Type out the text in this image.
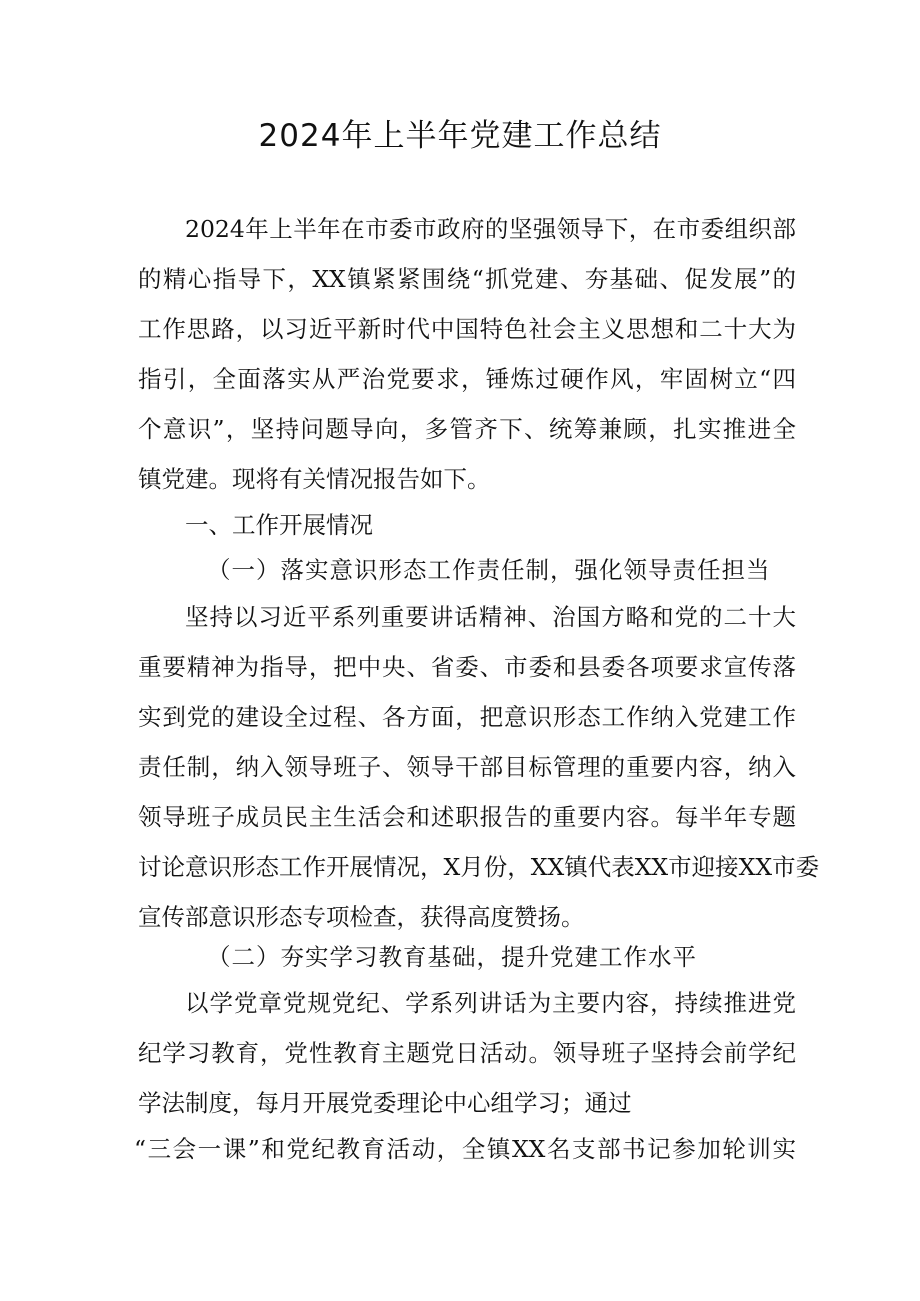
2024年上半年党建工作总结
2024年上半年在市委市政府的坚强领导下，在市委组织部
的精心指导下，XX镇紧紧围绕“抓党建、夯基础、促发展”的
工作思路，以习近平新时代中国特色社会主义思想和二十大为
指引，全面落实从严治党要求，锤炼过硬作风，牢固树立“四
个意识”，坚持问题导向，多管齐下、统筹兼顾，扎实推进全
镇党建。现将有关情况报告如下。
一、工作开展情况
（一）落实意识形态工作责任制，强化领导责任担当
坚持以习近平系列重要讲话精神、治国方略和党的二十大
重要精神为指导，把中央、省委、市委和县委各项要求宣传落
实到党的建设全过程、各方面，把意识形态工作纳入党建工作
责任制，纳入领导班子、领导干部目标管理的重要内容，纳入
领导班子成员民主生活会和述职报告的重要内容。每半年专题
讨论意识形态工作开展情况，X月份，XX镇代表XX市迎接XX市委
宣传部意识形态专项检查，获得高度赞扬。
（二）夯实学习教育基础，提升党建工作水平
以学党章党规党纪、学系列讲话为主要内容，持续推进党
纪学习教育，党性教育主题党日活动。领导班子坚持会前学纪
学法制度，每月开展党委理论中心组学习；通过
“三会一课”和党纪教育活动，全镇XX名支部书记参加轮训实
